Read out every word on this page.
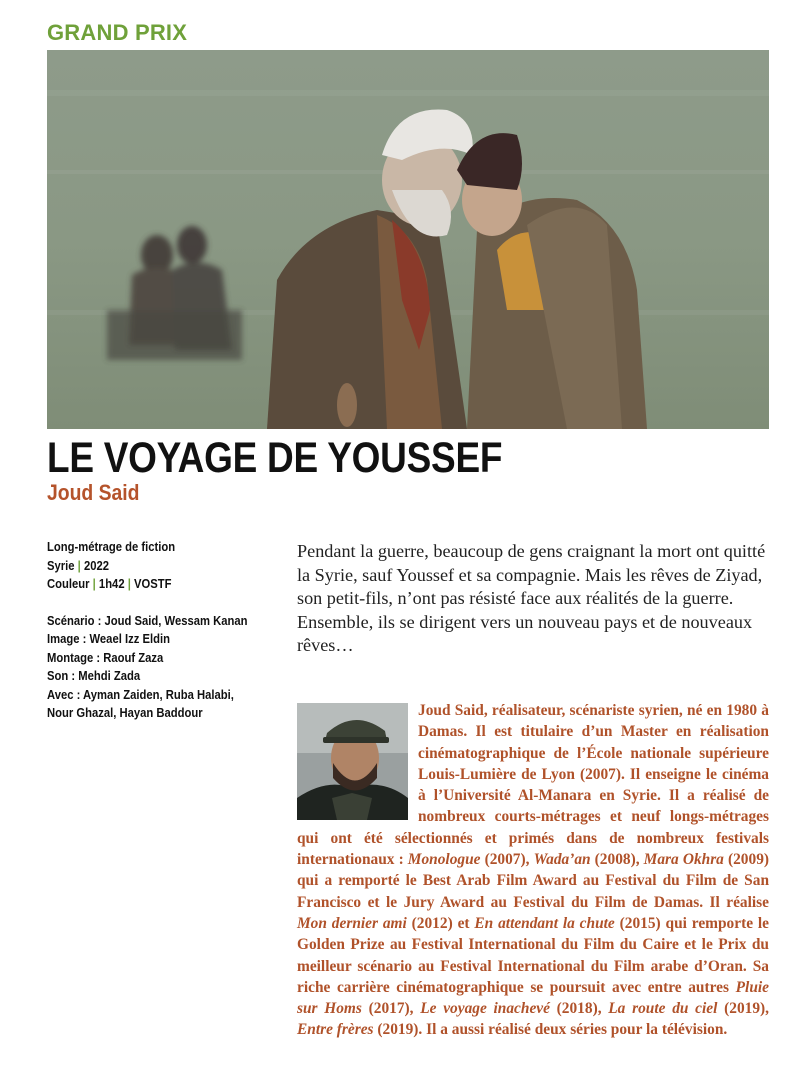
GRAND PRIX
LE VOYAGE DE YOUSSEF
Joud Said
Long-métrage de fiction
Syrie | 2022
Couleur | 1h42 | VOSTF
Scénario : Joud Said, Wessam Kanan
Image : Weael Izz Eldin
Montage : Raouf Zaza
Son : Mehdi Zada
Avec : Ayman Zaiden, Ruba Halabi, Nour Ghazal, Hayan Baddour

Pendant la guerre, beaucoup de gens craignant la mort ont quitté la Syrie, sauf Youssef et sa compagnie. Mais les rêves de Ziyad, son petit-fils, n’ont pas résisté face aux réalités de la guerre.

Ensemble, ils se dirigent vers un nouveau pays et de nouveaux rêves…

Joud Said, réalisateur, scénariste syrien, né en 1980 à Damas. Il est titulaire d’un Master en réalisation cinématographique de l’École nationale supérieure Louis-Lumière de Lyon (2007). Il enseigne le cinéma à l’Université Al-Manara en Syrie. Il a réalisé de nombreux courts-métrages et neuf longs-métrages qui ont été sélectionnés et primés dans de nombreux festivals internationaux : Monologue (2007), Wada’an (2008), Mara Okhra (2009) qui a remporté le Best Arab Film Award au Festival du Film de San Francisco et le Jury Award au Festival du Film de Damas. Il réalise Mon dernier ami (2012) et En attendant la chute (2015) qui remporte le Golden Prize au Festival International du Film du Caire et le Prix du meilleur scénario au Festival International du Film arabe d’Oran. Sa riche carrière cinématographique se poursuit avec entre autres Pluie sur Homs (2017), Le voyage inachevé (2018), La route du ciel (2019), Entre frères (2019). Il a aussi réalisé deux séries pour la télévision.
